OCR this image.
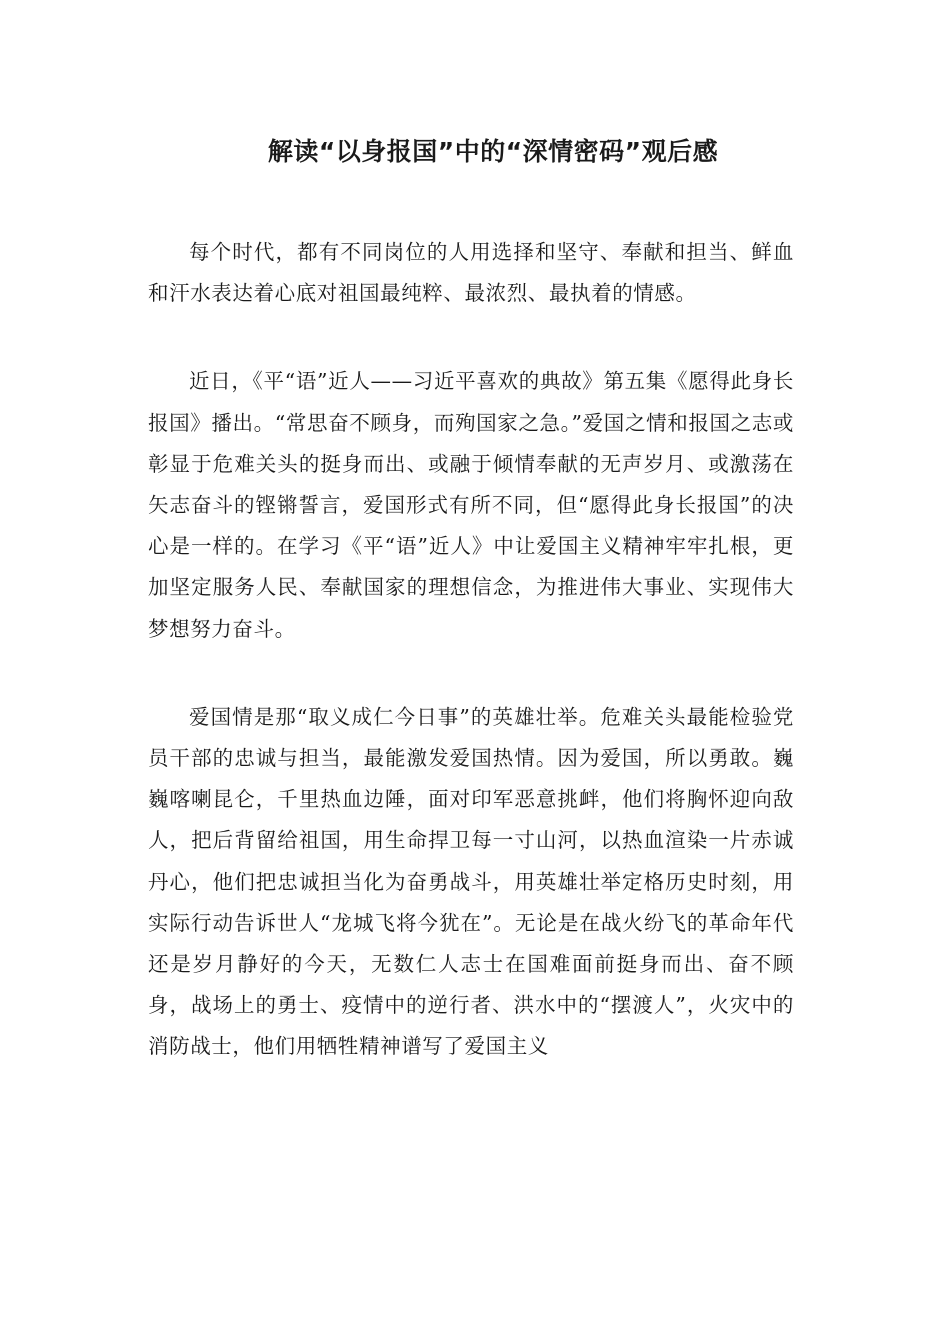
解读“以身报国”中的“深情密码”观后感

每个时代，都有不同岗位的人用选择和坚守、奉献和担当、鲜血和汗水表达着心底对祖国最纯粹、最浓烈、最执着的情感。

近日，《平“语”近人——习近平喜欢的典故》第五集《愿得此身长报国》播出。“常思奋不顾身，而殉国家之急。”爱国之情和报国之志或彰显于危难关头的挺身而出、或融于倾情奉献的无声岁月、或激荡在矢志奋斗的铿锵誓言，爱国形式有所不同，但“愿得此身长报国”的决心是一样的。在学习《平“语”近人》中让爱国主义精神牢牢扎根，更加坚定服务人民、奉献国家的理想信念，为推进伟大事业、实现伟大梦想努力奋斗。

爱国情是那“取义成仁今日事”的英雄壮举。危难关头最能检验党员干部的忠诚与担当，最能激发爱国热情。因为爱国，所以勇敢。巍巍喀喇昆仑，千里热血边陲，面对印军恶意挑衅，他们将胸怀迎向敌人，把后背留给祖国，用生命捍卫每一寸山河，以热血渲染一片赤诚丹心，他们把忠诚担当化为奋勇战斗，用英雄壮举定格历史时刻，用实际行动告诉世人“龙城飞将今犹在”。无论是在战火纷飞的革命年代还是岁月静好的今天，无数仁人志士在国难面前挺身而出、奋不顾身，战场上的勇士、疫情中的逆行者、洪水中的“摆渡人”，火灾中的消防战士，他们用牺牲精神谱写了爱国主义
